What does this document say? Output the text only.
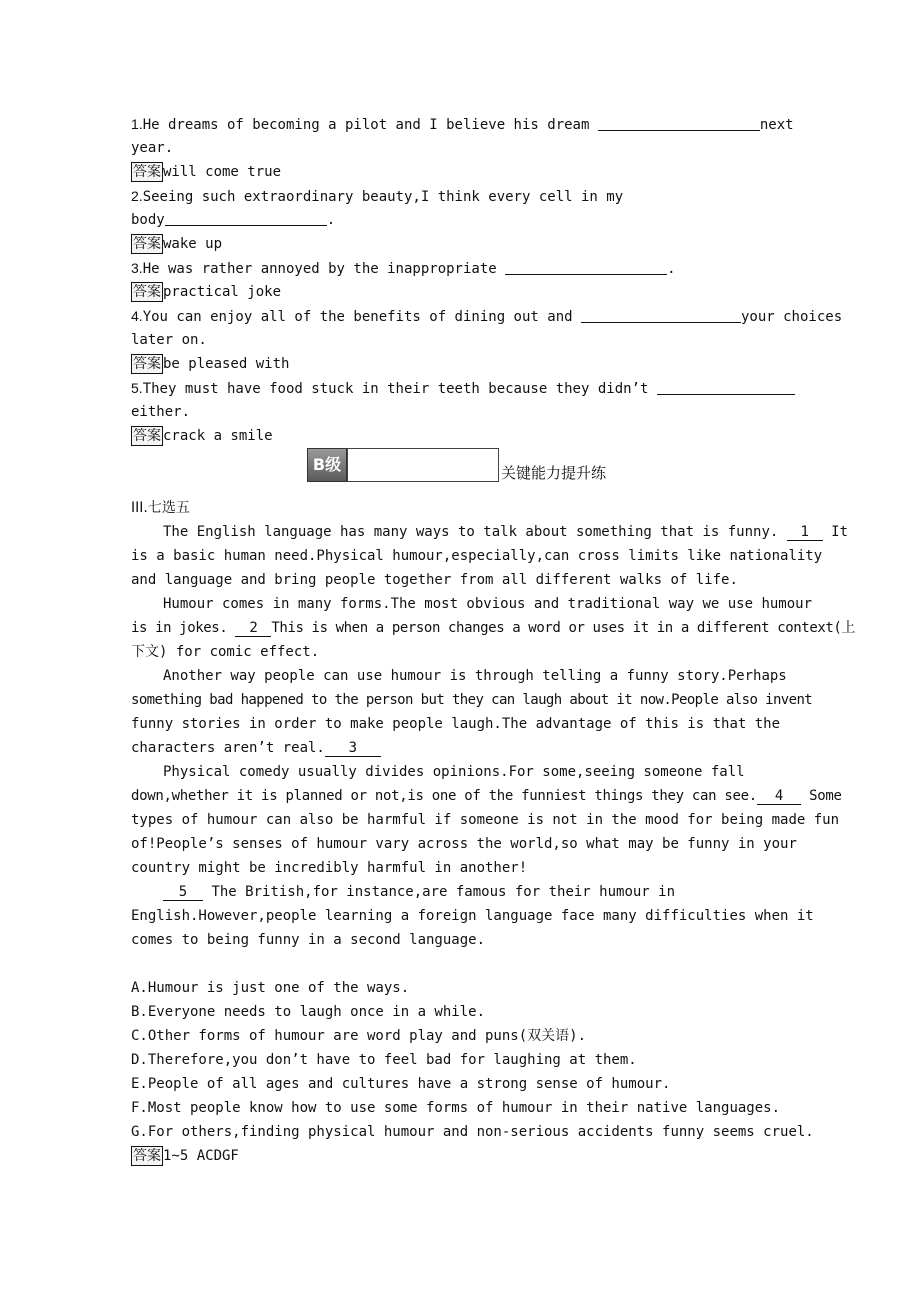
1.He dreams of becoming a pilot and I believe his dream	next
year.
答案 will come true
2.Seeing such extraordinary beauty,I think every cell in my
body	.
答案 wake up
3.He was rather annoyed by the inappropriate	.
答案 practical joke
4.You can enjoy all of the benefits of dining out and	your choices
later on.
答案 be pleased with
5.They must have food stuck in their teeth because they didn’t
either.
答案 crack a smile
B级	关键能力提升练
III.七选五
The English language has many ways to talk about something that is funny. 1 It
is a basic human need.Physical humour,especially,can cross limits like nationality
and language and bring people together from all different walks of life.
Humour comes in many forms.The most obvious and traditional way we use humour
is in jokes. 2 This is when a person changes a word or uses it in a different context(上
下文) for comic effect.
Another way people can use humour is through telling a funny story.Perhaps
something bad happened to the person but they can laugh about it now.People also invent
funny stories in order to make people laugh.The advantage of this is that the
characters aren’t real. 3
Physical comedy usually divides opinions.For some,seeing someone fall
down,whether it is planned or not,is one of the funniest things they can see. 4 Some
types of humour can also be harmful if someone is not in the mood for being made fun
of!People’s senses of humour vary across the world,so what may be funny in your
country might be incredibly harmful in another!
5 The British,for instance,are famous for their humour in
English.However,people learning a foreign language face many difficulties when it
comes to being funny in a second language.
A.Humour is just one of the ways.
B.Everyone needs to laugh once in a while.
C.Other forms of humour are word play and puns(双关语).
D.Therefore,you don’t have to feel bad for laughing at them.
E.People of all ages and cultures have a strong sense of humour.
F.Most people know how to use some forms of humour in their native languages.
G.For others,finding physical humour and non-serious accidents funny seems cruel.
答案 1~5 ACDGF
